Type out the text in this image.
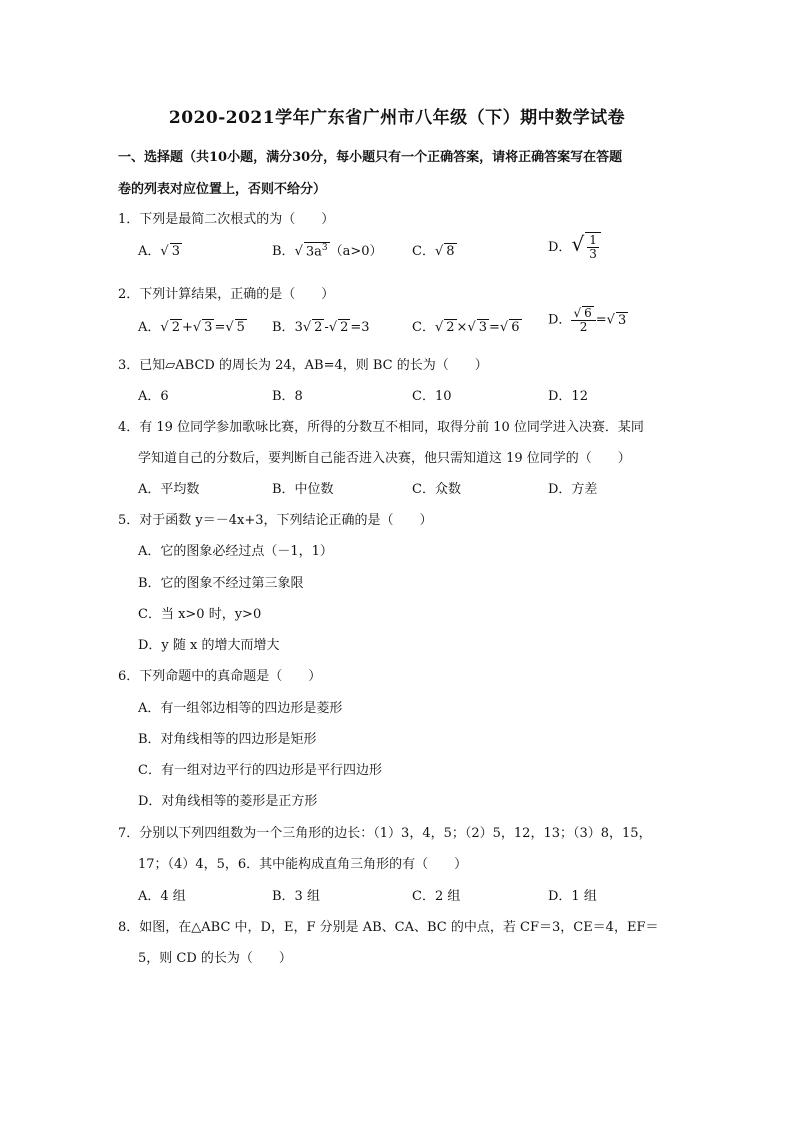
2020-2021学年广东省广州市八年级（下）期中数学试卷
一、选择题（共10小题，满分30分，每小题只有一个正确答案，请将正确答案写在答题
卷的列表对应位置上，否则不给分）
1．下列是最简二次根式的为（　　）
A．√ 3	B．√ $3a^3$ （a>0） C．√ 8	D．√ $\frac{1}{3}$
2．下列计算结果，正确的是（　　）
A．√ 2 +√ 3 =√ 5 B．3√ 2 -√ 2 =3	C．√ 2 ×√ 3 =√ 6 D． $\frac{√ 6}{2}$ =√ 3
3．已知▱ABCD 的周长为 24，AB=4，则 BC 的长为（　　）
A．6	B．8	C．10	D．12
4．有 19 位同学参加歌咏比赛，所得的分数互不相同，取得分前 10 位同学进入决赛．某同
学知道自己的分数后，要判断自己能否进入决赛，他只需知道这 19 位同学的（　　）
A．平均数	B．中位数	C．众数	D．方差
5．对于函数 y＝－4x+3，下列结论正确的是（　　）
A．它的图象必经过点（－1，1）
B．它的图象不经过第三象限
C．当 x>0 时，y>0
D．y 随 x 的增大而增大
6．下列命题中的真命题是（　　）
A．有一组邻边相等的四边形是菱形
B．对角线相等的四边形是矩形
C．有一组对边平行的四边形是平行四边形
D．对角线相等的菱形是正方形
7．分别以下列四组数为一个三角形的边长：（1）3，4，5；（2）5，12，13；（3）8，15，
17；（4）4，5，6．其中能构成直角三角形的有（　　）
A．4 组	B．3 组	C．2 组	D．1 组
8．如图，在△ABC 中，D，E，F 分别是 AB、CA、BC 的中点，若 CF＝3，CE＝4，EF＝
5，则 CD 的长为（　　）
